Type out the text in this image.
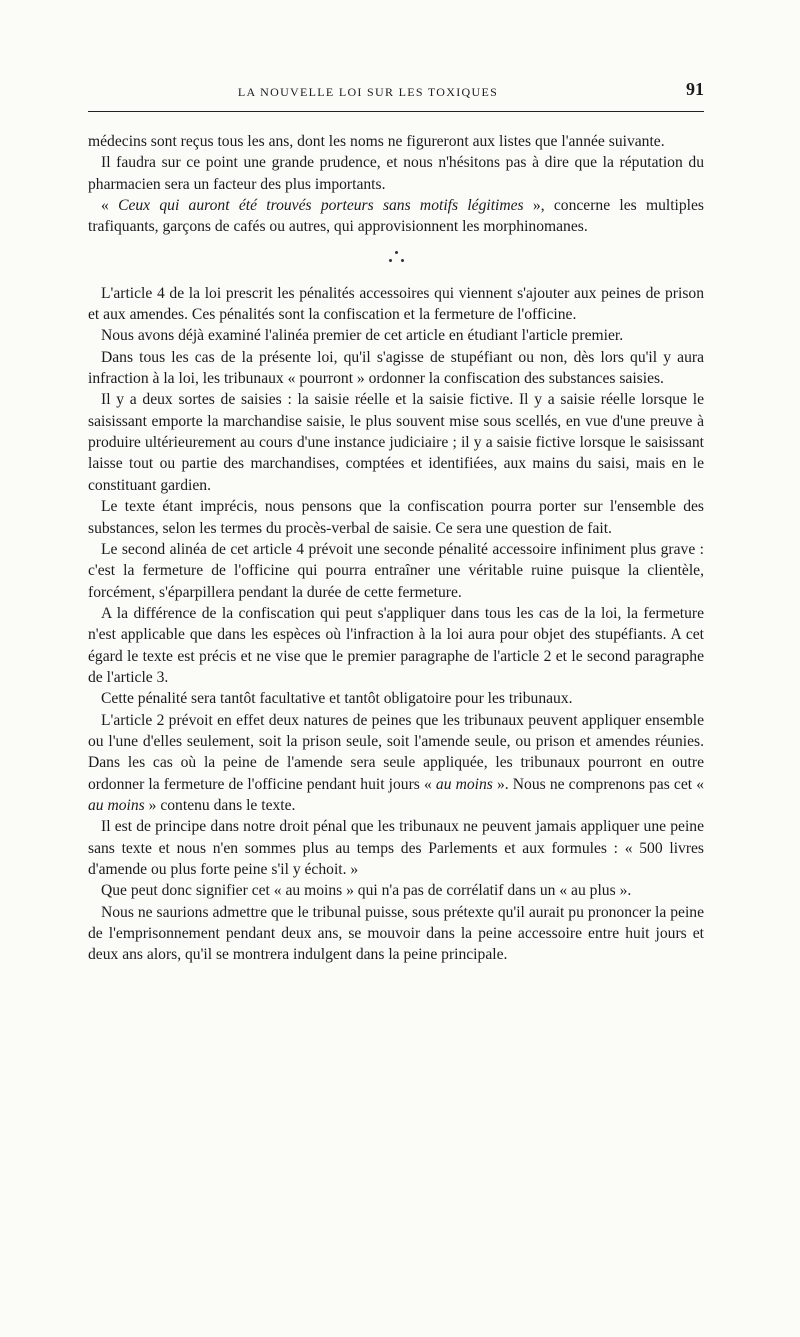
LA NOUVELLE LOI SUR LES TOXIQUES	91

médecins sont reçus tous les ans, dont les noms ne figureront aux listes que l'année suivante.

Il faudra sur ce point une grande prudence, et nous n'hésitons pas à dire que la réputation du pharmacien sera un facteur des plus importants.

« Ceux qui auront été trouvés porteurs sans motifs légitimes », concerne les multiples trafiquants, garçons de cafés ou autres, qui approvisionnent les morphinomanes.

L'article 4 de la loi prescrit les pénalités accessoires qui viennent s'ajouter aux peines de prison et aux amendes. Ces pénalités sont la confiscation et la fermeture de l'officine.

Nous avons déjà examiné l'alinéa premier de cet article en étudiant l'article premier.

Dans tous les cas de la présente loi, qu'il s'agisse de stupéfiant ou non, dès lors qu'il y aura infraction à la loi, les tribunaux « pourront » ordonner la confiscation des substances saisies.

Il y a deux sortes de saisies : la saisie réelle et la saisie fictive. Il y a saisie réelle lorsque le saisissant emporte la marchandise saisie, le plus souvent mise sous scellés, en vue d'une preuve à produire ultérieurement au cours d'une instance judiciaire ; il y a saisie fictive lorsque le saisissant laisse tout ou partie des marchandises, comptées et identifiées, aux mains du saisi, mais en le constituant gardien.

Le texte étant imprécis, nous pensons que la confiscation pourra porter sur l'ensemble des substances, selon les termes du procès-verbal de saisie. Ce sera une question de fait.

Le second alinéa de cet article 4 prévoit une seconde pénalité accessoire infiniment plus grave : c'est la fermeture de l'officine qui pourra entraîner une véritable ruine puisque la clientèle, forcément, s'éparpillera pendant la durée de cette fermeture.

A la différence de la confiscation qui peut s'appliquer dans tous les cas de la loi, la fermeture n'est applicable que dans les espèces où l'infraction à la loi aura pour objet des stupéfiants. A cet égard le texte est précis et ne vise que le premier paragraphe de l'article 2 et le second paragraphe de l'article 3.

Cette pénalité sera tantôt facultative et tantôt obligatoire pour les tribunaux.

L'article 2 prévoit en effet deux natures de peines que les tribunaux peuvent appliquer ensemble ou l'une d'elles seulement, soit la prison seule, soit l'amende seule, ou prison et amendes réunies. Dans les cas où la peine de l'amende sera seule appliquée, les tribunaux pourront en outre ordonner la fermeture de l'officine pendant huit jours « au moins ». Nous ne comprenons pas cet « au moins » contenu dans le texte.

Il est de principe dans notre droit pénal que les tribunaux ne peuvent jamais appliquer une peine sans texte et nous n'en sommes plus au temps des Parlements et aux formules : « 500 livres d'amende ou plus forte peine s'il y échoit. »

Que peut donc signifier cet « au moins » qui n'a pas de corrélatif dans un « au plus ».

Nous ne saurions admettre que le tribunal puisse, sous prétexte qu'il aurait pu prononcer la peine de l'emprisonnement pendant deux ans, se mouvoir dans la peine accessoire entre huit jours et deux ans alors, qu'il se montrera indulgent dans la peine principale.
